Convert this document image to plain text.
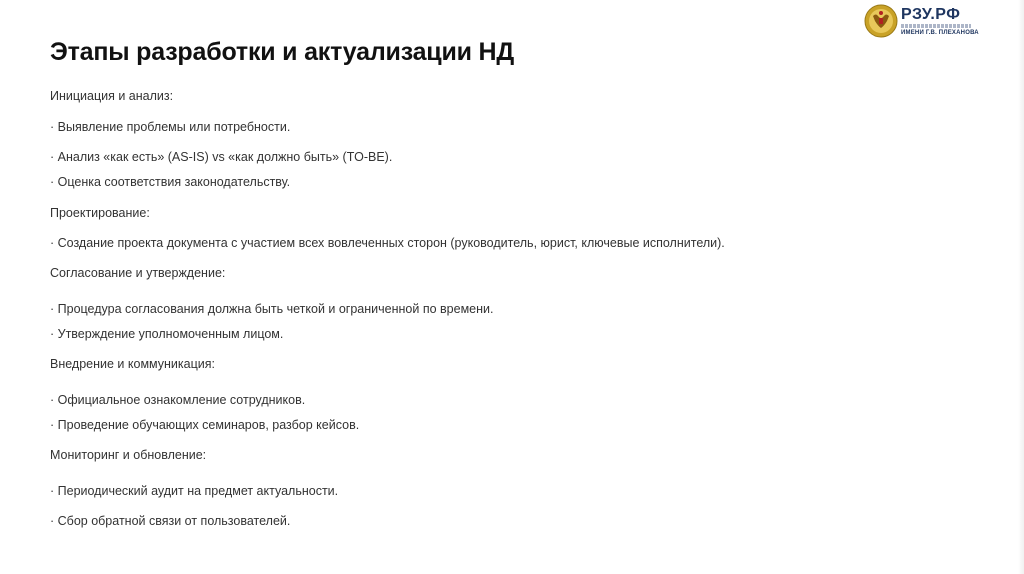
Этапы разработки и актуализации НД
РЗУ.РФ
ИМЕНИ Г.В. ПЛЕХАНОВА
Инициация и анализ:
· Выявление проблемы или потребности.
· Анализ «как есть» (AS-IS) vs «как должно быть» (TO-BE).
· Оценка соответствия законодательству.
Проектирование:
· Создание проекта документа с участием всех вовлеченных сторон (руководитель, юрист, ключевые исполнители).
Согласование и утверждение:
· Процедура согласования должна быть четкой и ограниченной по времени.
· Утверждение уполномоченным лицом.
Внедрение и коммуникация:
· Официальное ознакомление сотрудников.
· Проведение обучающих семинаров, разбор кейсов.
Мониторинг и обновление:
· Периодический аудит на предмет актуальности.
· Сбор обратной связи от пользователей.
